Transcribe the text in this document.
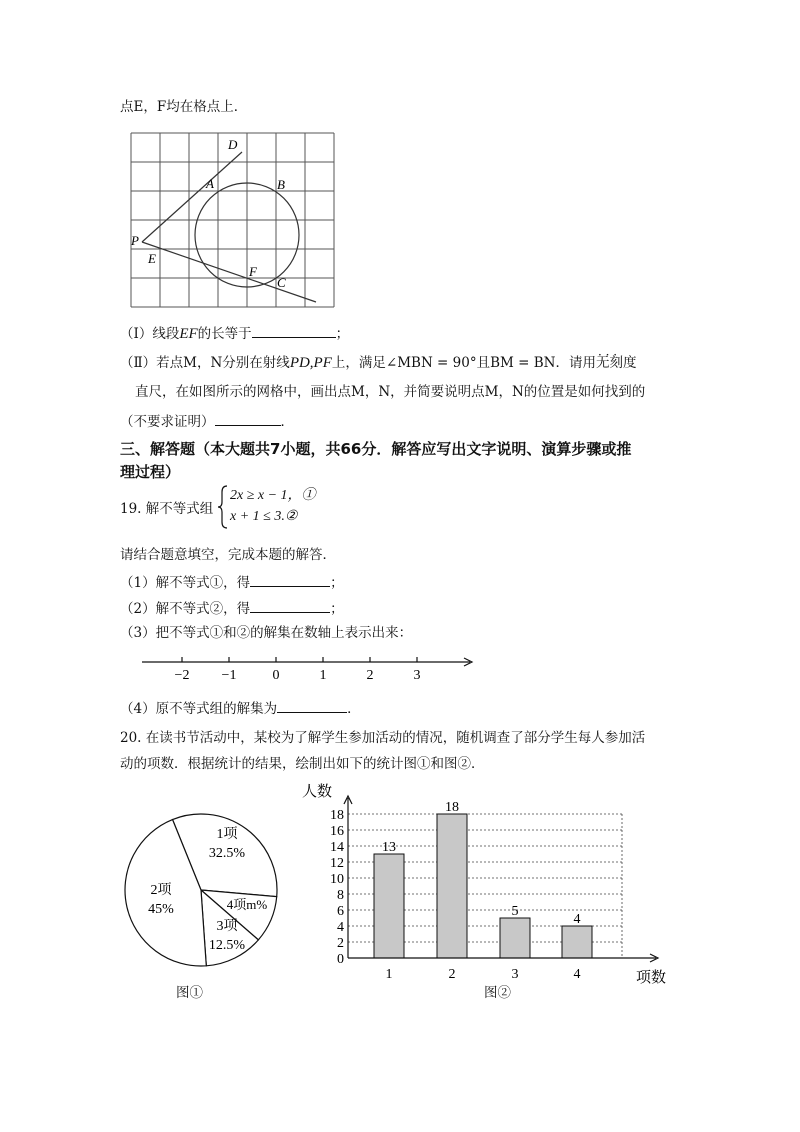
点E，F均在格点上．
D
A	B
P
E
F
C
（Ⅰ）线段EF的长等于	；
（Ⅱ）若点M，N分别在射线PD,PF上，满足∠MBN = 90°且BM = BN．请用· · · 无刻度
直尺，在如图所示的网格中，画出点M，N，并简要说明点M，N的位置是如何找到的
（不要求证明）	．
三、解答题（本大题共7小题，共66分．解答应写出文字说明、演算步骤或推
理过程）
19. 解不等式组
2x ≥ x − 1，①
x + 1 ≤ 3.②
请结合题意填空，完成本题的解答．
（1）解不等式①，得	；
（2）解不等式②，得	；
（3）把不等式①和②的解集在数轴上表示出来：
−2 −1	0	1	2	3
（4）原不等式组的解集为	．
20. 在读书节活动中，某校为了解学生参加活动的情况，随机调查了部分学生每人参加活
动的项数．根据统计的结果，绘制出如下的统计图①和图②．
1项
32.5%
4项m%
3项
12.5%
2项
45%
图①
0
2
4
6
8
10
12
14
16
18
13
18
5
4
1	2	3	4
人数
项数
图②
